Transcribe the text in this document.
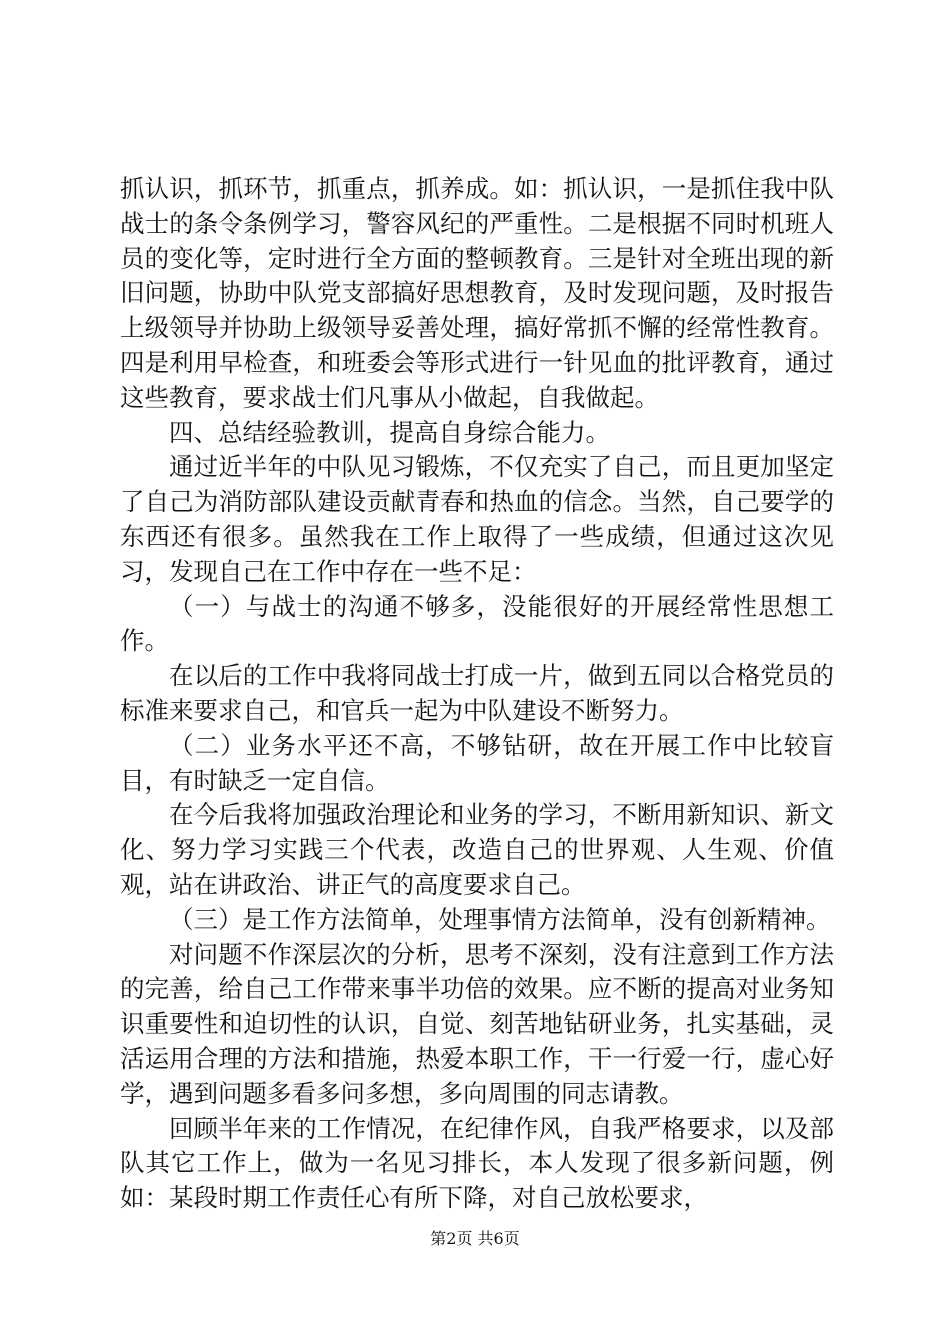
抓认识，抓环节，抓重点，抓养成。如：抓认识，一是抓住我中队战士的条令条例学习，警容风纪的严重性。二是根据不同时机班人员的变化等，定时进行全方面的整顿教育。三是针对全班出现的新旧问题，协助中队党支部搞好思想教育，及时发现问题，及时报告上级领导并协助上级领导妥善处理，搞好常抓不懈的经常性教育。四是利用早检查，和班委会等形式进行一针见血的批评教育，通过这些教育，要求战士们凡事从小做起，自我做起。

四、总结经验教训，提高自身综合能力。

通过近半年的中队见习锻炼，不仅充实了自己，而且更加坚定了自己为消防部队建设贡献青春和热血的信念。当然，自己要学的东西还有很多。虽然我在工作上取得了一些成绩，但通过这次见习，发现自己在工作中存在一些不足：

（一）与战士的沟通不够多，没能很好的开展经常性思想工作。

在以后的工作中我将同战士打成一片，做到五同以合格党员的标准来要求自己，和官兵一起为中队建设不断努力。

（二）业务水平还不高，不够钻研，故在开展工作中比较盲目，有时缺乏一定自信。

在今后我将加强政治理论和业务的学习，不断用新知识、新文化、努力学习实践三个代表，改造自己的世界观、人生观、价值观，站在讲政治、讲正气的高度要求自己。

（三）是工作方法简单，处理事情方法简单，没有创新精神。

对问题不作深层次的分析，思考不深刻，没有注意到工作方法的完善，给自己工作带来事半功倍的效果。应不断的提高对业务知识重要性和迫切性的认识，自觉、刻苦地钻研业务，扎实基础，灵活运用合理的方法和措施，热爱本职工作，干一行爱一行，虚心好学，遇到问题多看多问多想，多向周围的同志请教。

回顾半年来的工作情况，在纪律作风，自我严格要求，以及部队其它工作上，做为一名见习排长，本人发现了很多新问题，例如：某段时期工作责任心有所下降，对自己放松要求，

第2页 共6页
